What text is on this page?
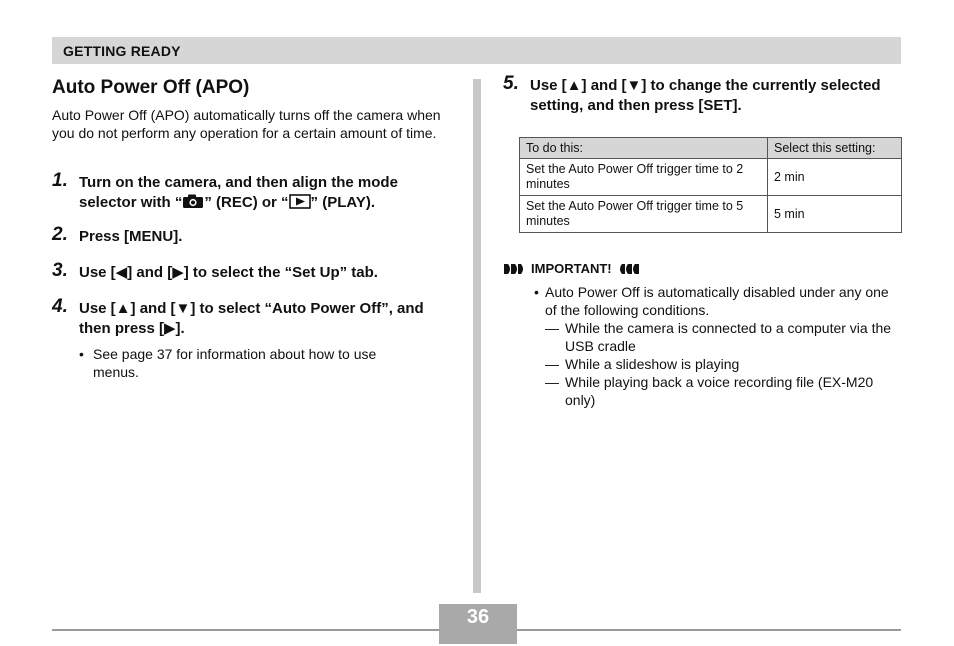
GETTING READY
Auto Power Off (APO)
Auto Power Off (APO) automatically turns off the camera when you do not perform any operation for a certain amount of time.
1. Turn on the camera, and then align the mode selector with “ ” (REC) or “ ” (PLAY).
2. Press [MENU].
3. Use [◀] and [▶] to select the “Set Up” tab.
4. Use [▲] and [▼] to select “Auto Power Off”, and then press [▶].
• See page 37 for information about how to use menus.
5. Use [▲] and [▼] to change the currently selected setting, and then press [SET].
To do this:	Select this setting:
Set the Auto Power Off trigger time to 2 minutes	2 min
Set the Auto Power Off trigger time to 5 minutes	5 min
IMPORTANT!
• Auto Power Off is automatically disabled under any one of the following conditions.
— While the camera is connected to a computer via the USB cradle
— While a slideshow is playing
— While playing back a voice recording file (EX-M20 only)
36
